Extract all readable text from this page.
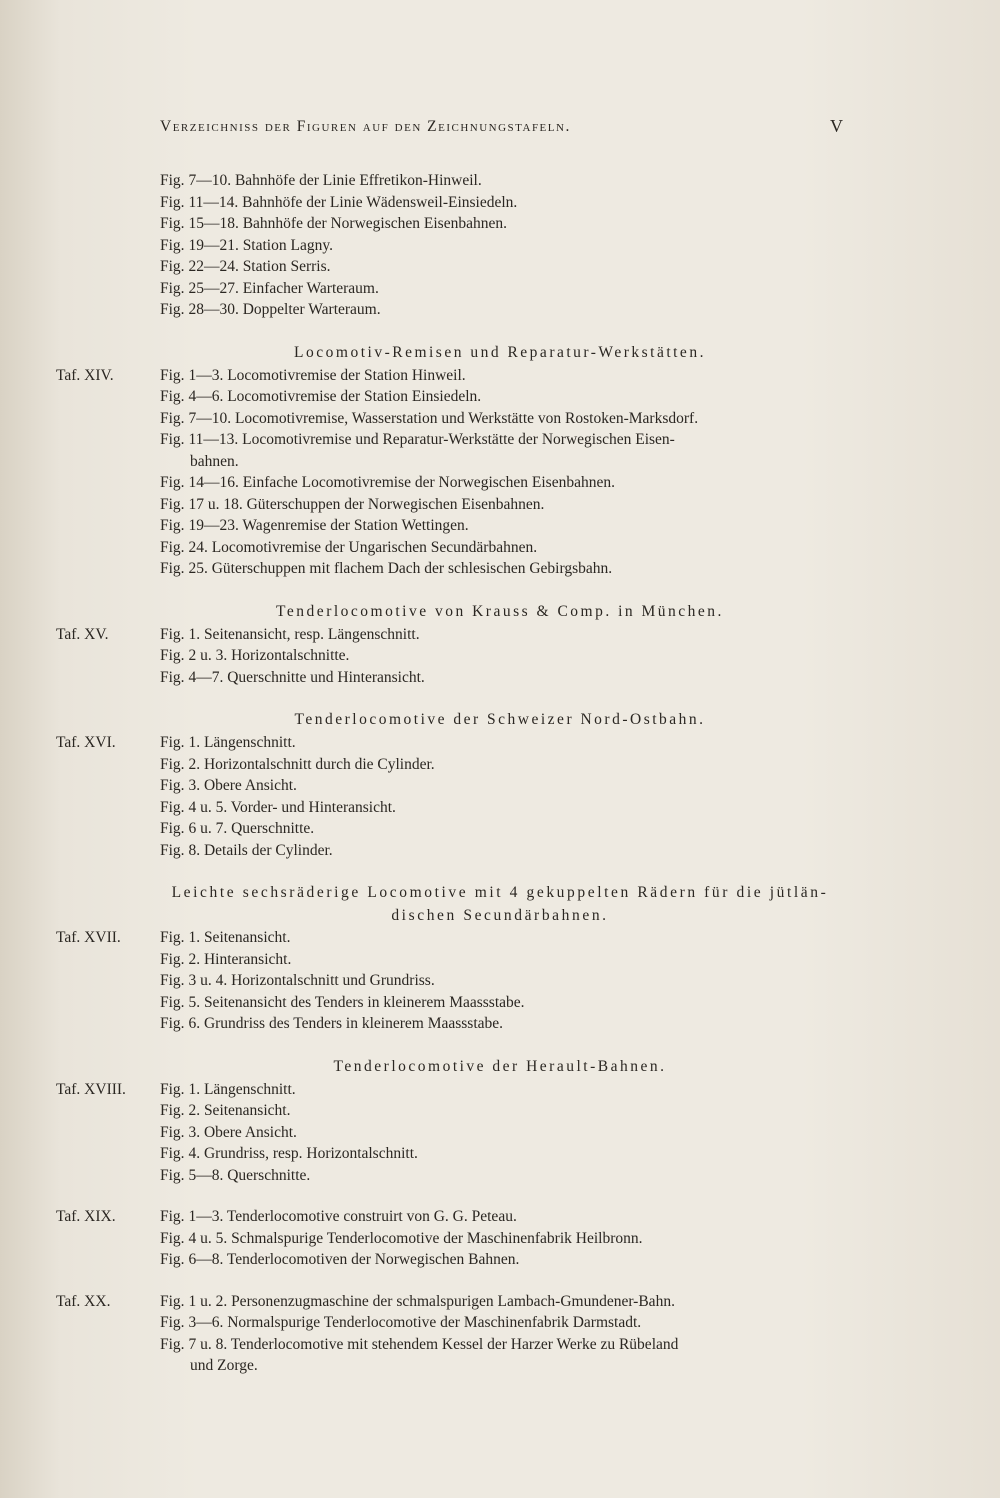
Verzeichniss der Figuren auf den Zeichnungstafeln.	V
Fig. 7—10. Bahnhöfe der Linie Effretikon-Hinweil.
Fig. 11—14. Bahnhöfe der Linie Wädensweil-Einsiedeln.
Fig. 15—18. Bahnhöfe der Norwegischen Eisenbahnen.
Fig. 19—21. Station Lagny.
Fig. 22—24. Station Serris.
Fig. 25—27. Einfacher Warteraum.
Fig. 28—30. Doppelter Warteraum.
Locomotiv-Remisen und Reparatur-Werkstätten.
Taf. XIV.	Fig. 1—3. Locomotivremise der Station Hinweil.
Fig. 4—6. Locomotivremise der Station Einsiedeln.
Fig. 7—10. Locomotivremise, Wasserstation und Werkstätte von Rostoken-Marksdorf.
Fig. 11—13. Locomotivremise und Reparatur-Werkstätte der Norwegischen Eisen-
bahnen.
Fig. 14—16. Einfache Locomotivremise der Norwegischen Eisenbahnen.
Fig. 17 u. 18. Güterschuppen der Norwegischen Eisenbahnen.
Fig. 19—23. Wagenremise der Station Wettingen.
Fig. 24. Locomotivremise der Ungarischen Secundärbahnen.
Fig. 25. Güterschuppen mit flachem Dach der schlesischen Gebirgsbahn.
Tenderlocomotive von Krauss & Comp. in München.
Taf. XV.	Fig. 1. Seitenansicht, resp. Längenschnitt.
Fig. 2 u. 3. Horizontalschnitte.
Fig. 4—7. Querschnitte und Hinteransicht.
Tenderlocomotive der Schweizer Nord-Ostbahn.
Taf. XVI.	Fig. 1. Längenschnitt.
Fig. 2. Horizontalschnitt durch die Cylinder.
Fig. 3. Obere Ansicht.
Fig. 4 u. 5. Vorder- und Hinteransicht.
Fig. 6 u. 7. Querschnitte.
Fig. 8. Details der Cylinder.
Leichte sechsräderige Locomotive mit 4 gekuppelten Rädern für die jütlän-
dischen Secundärbahnen.
Taf. XVII.	Fig. 1. Seitenansicht.
Fig. 2. Hinteransicht.
Fig. 3 u. 4. Horizontalschnitt und Grundriss.
Fig. 5. Seitenansicht des Tenders in kleinerem Maassstabe.
Fig. 6. Grundriss des Tenders in kleinerem Maassstabe.
Tenderlocomotive der Herault-Bahnen.
Taf. XVIII. Fig. 1. Längenschnitt.
Fig. 2. Seitenansicht.
Fig. 3. Obere Ansicht.
Fig. 4. Grundriss, resp. Horizontalschnitt.
Fig. 5—8. Querschnitte.
Taf. XIX.	Fig. 1—3. Tenderlocomotive construirt von G. G. Peteau.
Fig. 4 u. 5. Schmalspurige Tenderlocomotive der Maschinenfabrik Heilbronn.
Fig. 6—8. Tenderlocomotiven der Norwegischen Bahnen.
Taf. XX.	Fig. 1 u. 2. Personenzugmaschine der schmalspurigen Lambach-Gmundener-Bahn.
Fig. 3—6. Normalspurige Tenderlocomotive der Maschinenfabrik Darmstadt.
Fig. 7 u. 8. Tenderlocomotive mit stehendem Kessel der Harzer Werke zu Rübeland
und Zorge.
